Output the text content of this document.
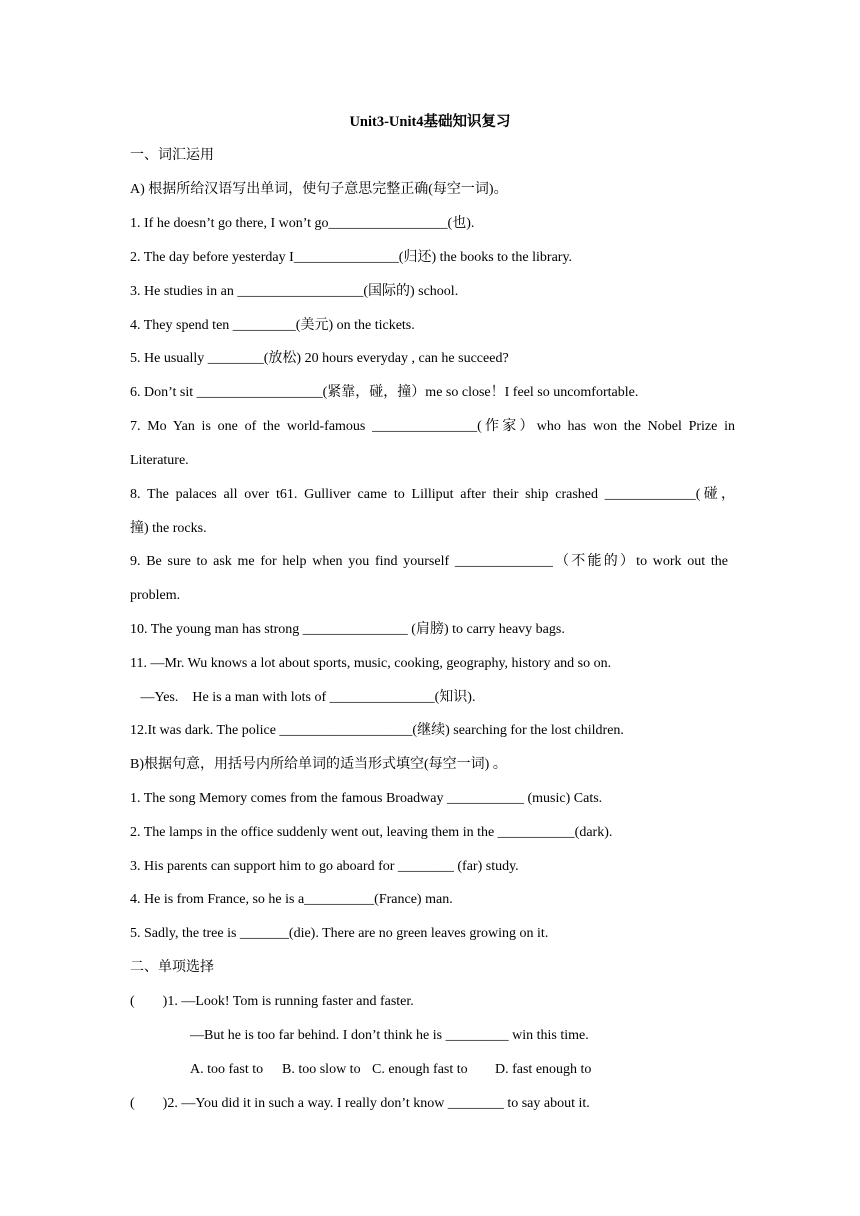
Unit3-Unit4基础知识复习
一、词汇运用
A) 根据所给汉语写出单词，使句子意思完整正确(每空一词)。
1. If he doesn’t go there, I won’t go_________________(也).
2. The day before yesterday I_______________(归还) the books to the library.
3. He studies in an __________________(国际的) school.
4. They spend ten _________(美元) on the tickets.
5. He usually ________(放松) 20 hours everyday , can he succeed?
6. Don’t sit __________________(紧靠，碰，撞）me so close！I feel so uncomfortable.
7. Mo Yan is one of the world-famous _______________(作家）who has won the Nobel Prize in
Literature.
8. The palaces all over t61. Gulliver came to Lilliput after their ship crashed _____________(碰，
撞) the rocks.
9. Be sure to ask me for help when you find yourself ______________（不能的）to work out the
problem.
10. The young man has strong _______________ (肩膀) to carry heavy bags.
11. —Mr. Wu knows a lot about sports, music, cooking, geography, history and so on.
—Yes.    He is a man with lots of _______________(知识).
12.It was dark. The police ___________________(继续) searching for the lost children.
B)根据句意，用括号内所给单词的适当形式填空(每空一词) 。
1. The song Memory comes from the famous Broadway ___________ (music) Cats.
2. The lamps in the office suddenly went out, leaving them in the ___________(dark).
3. His parents can support him to go aboard for ________ (far) study.
4. He is from France, so he is a__________(France) man.
5. Sadly, the tree is _______(die). There are no green leaves growing on it.
二、单项选择
(        )1. —Look! Tom is running faster and faster.
—But he is too far behind. I don’t think he is _________ win this time.
A. too fast to B. too slow to C. enough fast to D. fast enough to
(        )2. —You did it in such a way. I really don’t know ________ to say about it.
